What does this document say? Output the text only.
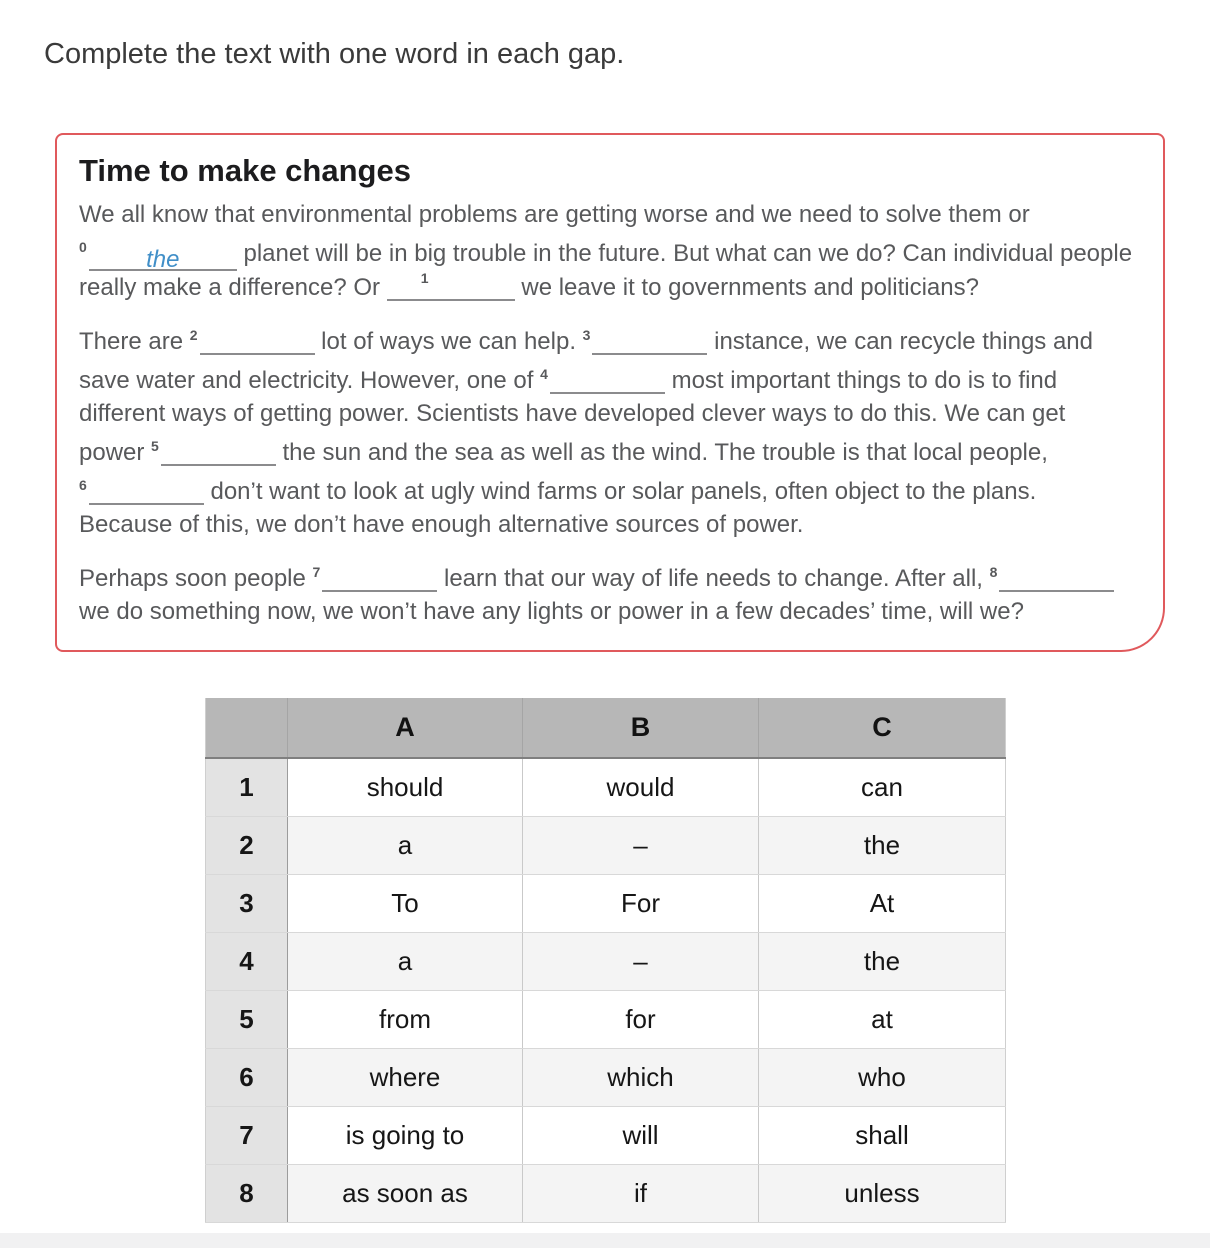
Complete the text with one word in each gap.
Time to make changes

We all know that environmental problems are getting worse and we need to solve them or $^0$ the planet will be in big trouble in the future. But what can we do? Can individual people really make a difference? Or 1	we leave it to governments and politicians?

There are $^2$	lot of ways we can help. $^3$	instance, we can recycle things and save water and electricity. However, one of $^4$	most important things to do is to find different ways of getting power. Scientists have developed clever ways to do this. We can get power $^5$	the sun and the sea as well as the wind. The trouble is that local people, $^6$	don’t want to look at ugly wind farms or solar panels, often object to the plans. Because of this, we don’t have enough alternative sources of power.

Perhaps soon people $^7$	learn that our way of life needs to change. After all, $^8$ we do something now, we won’t have any lights or power in a few decades’ time, will we?

	A	B	C
1	should	would	can
2	a	–	the
3	To	For	At
4	a	–	the
5	from	for	at
6	where	which	who
7	is going to	will	shall
8	as soon as	if	unless
